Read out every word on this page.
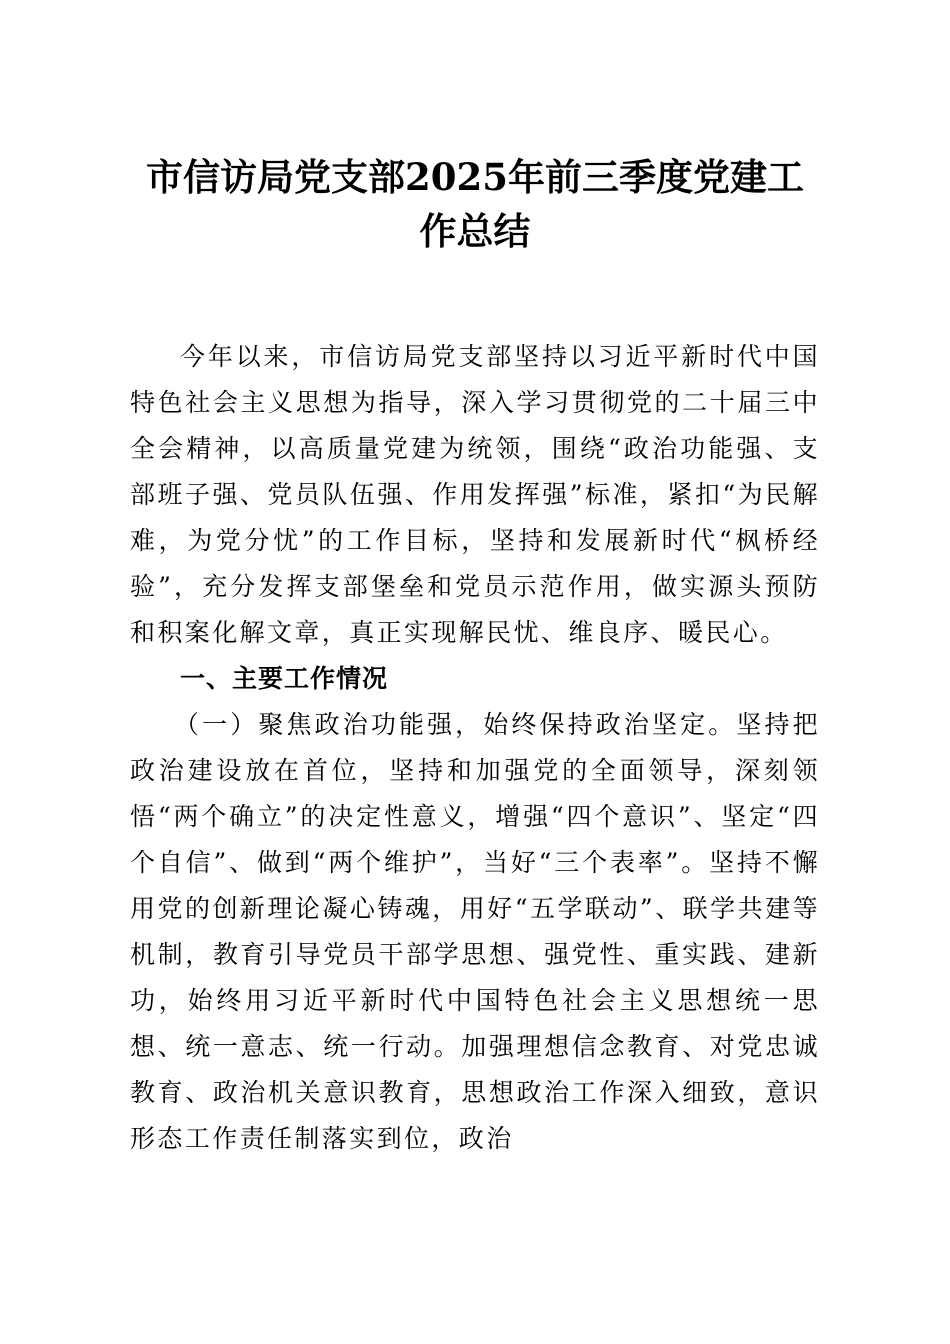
市信访局党支部2025年前三季度党建工作总结

今年以来，市信访局党支部坚持以习近平新时代中国特色社会主义思想为指导，深入学习贯彻党的二十届三中全会精神，以高质量党建为统领，围绕“政治功能强、支部班子强、党员队伍强、作用发挥强”标准，紧扣“为民解难，为党分忧”的工作目标，坚持和发展新时代“枫桥经验”，充分发挥支部堡垒和党员示范作用，做实源头预防和积案化解文章，真正实现解民忧、维良序、暖民心。

一、主要工作情况

（一）聚焦政治功能强，始终保持政治坚定。坚持把政治建设放在首位，坚持和加强党的全面领导，深刻领悟“两个确立”的决定性意义，增强“四个意识”、坚定“四个自信”、做到“两个维护”，当好“三个表率”。坚持不懈用党的创新理论凝心铸魂，用好“五学联动”、联学共建等机制，教育引导党员干部学思想、强党性、重实践、建新功，始终用习近平新时代中国特色社会主义思想统一思想、统一意志、统一行动。加强理想信念教育、对党忠诚教育、政治机关意识教育，思想政治工作深入细致，意识形态工作责任制落实到位，政治
